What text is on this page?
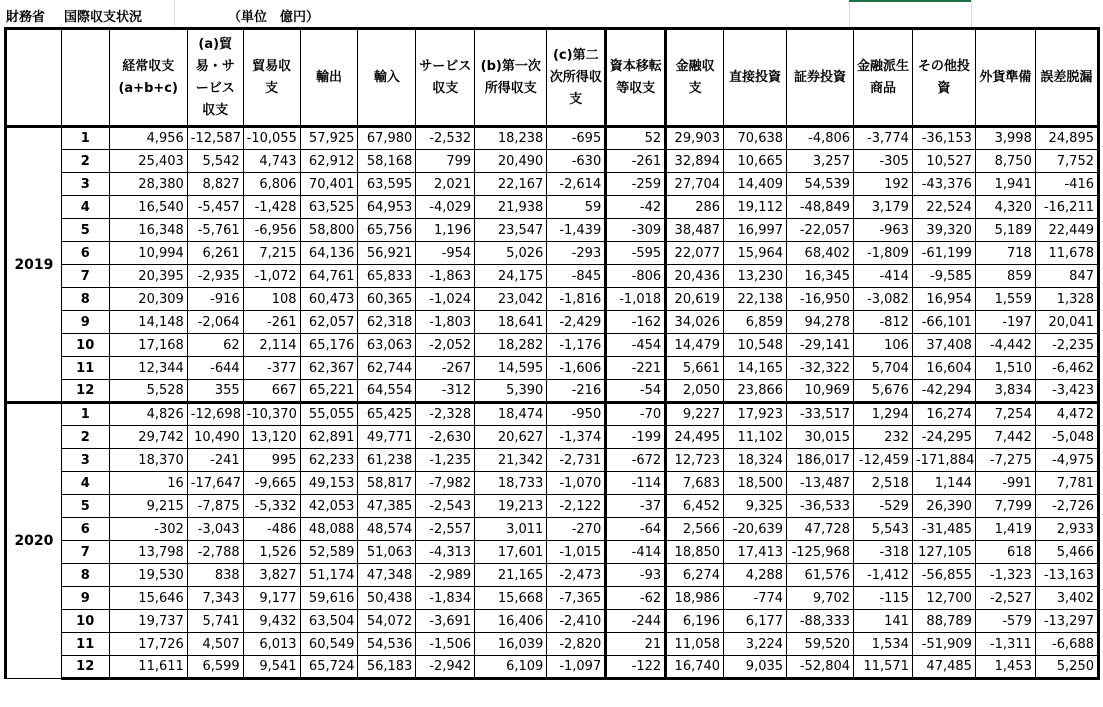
財務省 国際収支状況	（単位　億円）
		経常収支
(a+b+c)	(a)貿易・サービス収支	貿易収支	輸出	輸入	サービス収支	(b)第一次所得収支	(c)第二次所得収支	資本移転等収支	金融収支	直接投資	証券投資	金融派生商品	その他投資	外貨準備	誤差脱漏
2019	1	4,956	-12,587	-10,055	57,925	67,980	-2,532	18,238	-695	52	29,903	70,638	-4,806	-3,774	-36,153	3,998	24,895
	2	25,403	5,542	4,743	62,912	58,168	799	20,490	-630	-261	32,894	10,665	3,257	-305	10,527	8,750	7,752
	3	28,380	8,827	6,806	70,401	63,595	2,021	22,167	-2,614	-259	27,704	14,409	54,539	192	-43,376	1,941	-416
	4	16,540	-5,457	-1,428	63,525	64,953	-4,029	21,938	59	-42	286	19,112	-48,849	3,179	22,524	4,320	-16,211
	5	16,348	-5,761	-6,956	58,800	65,756	1,196	23,547	-1,439	-309	38,487	16,997	-22,057	-963	39,320	5,189	22,449
	6	10,994	6,261	7,215	64,136	56,921	-954	5,026	-293	-595	22,077	15,964	68,402	-1,809	-61,199	718	11,678
	7	20,395	-2,935	-1,072	64,761	65,833	-1,863	24,175	-845	-806	20,436	13,230	16,345	-414	-9,585	859	847
	8	20,309	-916	108	60,473	60,365	-1,024	23,042	-1,816	-1,018	20,619	22,138	-16,950	-3,082	16,954	1,559	1,328
	9	14,148	-2,064	-261	62,057	62,318	-1,803	18,641	-2,429	-162	34,026	6,859	94,278	-812	-66,101	-197	20,041
	10	17,168	62	2,114	65,176	63,063	-2,052	18,282	-1,176	-454	14,479	10,548	-29,141	106	37,408	-4,442	-2,235
	11	12,344	-644	-377	62,367	62,744	-267	14,595	-1,606	-221	5,661	14,165	-32,322	5,704	16,604	1,510	-6,462
	12	5,528	355	667	65,221	64,554	-312	5,390	-216	-54	2,050	23,866	10,969	5,676	-42,294	3,834	-3,423
2020	1	4,826	-12,698	-10,370	55,055	65,425	-2,328	18,474	-950	-70	9,227	17,923	-33,517	1,294	16,274	7,254	4,472
	2	29,742	10,490	13,120	62,891	49,771	-2,630	20,627	-1,374	-199	24,495	11,102	30,015	232	-24,295	7,442	-5,048
	3	18,370	-241	995	62,233	61,238	-1,235	21,342	-2,731	-672	12,723	18,324	186,017	-12,459	-171,884	-7,275	-4,975
	4	16	-17,647	-9,665	49,153	58,817	-7,982	18,733	-1,070	-114	7,683	18,500	-13,487	2,518	1,144	-991	7,781
	5	9,215	-7,875	-5,332	42,053	47,385	-2,543	19,213	-2,122	-37	6,452	9,325	-36,533	-529	26,390	7,799	-2,726
	6	-302	-3,043	-486	48,088	48,574	-2,557	3,011	-270	-64	2,566	-20,639	47,728	5,543	-31,485	1,419	2,933
	7	13,798	-2,788	1,526	52,589	51,063	-4,313	17,601	-1,015	-414	18,850	17,413	-125,968	-318	127,105	618	5,466
	8	19,530	838	3,827	51,174	47,348	-2,989	21,165	-2,473	-93	6,274	4,288	61,576	-1,412	-56,855	-1,323	-13,163
	9	15,646	7,343	9,177	59,616	50,438	-1,834	15,668	-7,365	-62	18,986	-774	9,702	-115	12,700	-2,527	3,402
	10	19,737	5,741	9,432	63,504	54,072	-3,691	16,406	-2,410	-244	6,196	6,177	-88,333	141	88,789	-579	-13,297
	11	17,726	4,507	6,013	60,549	54,536	-1,506	16,039	-2,820	21	11,058	3,224	59,520	1,534	-51,909	-1,311	-6,688
	12	11,611	6,599	9,541	65,724	56,183	-2,942	6,109	-1,097	-122	16,740	9,035	-52,804	11,571	47,485	1,453	5,250
